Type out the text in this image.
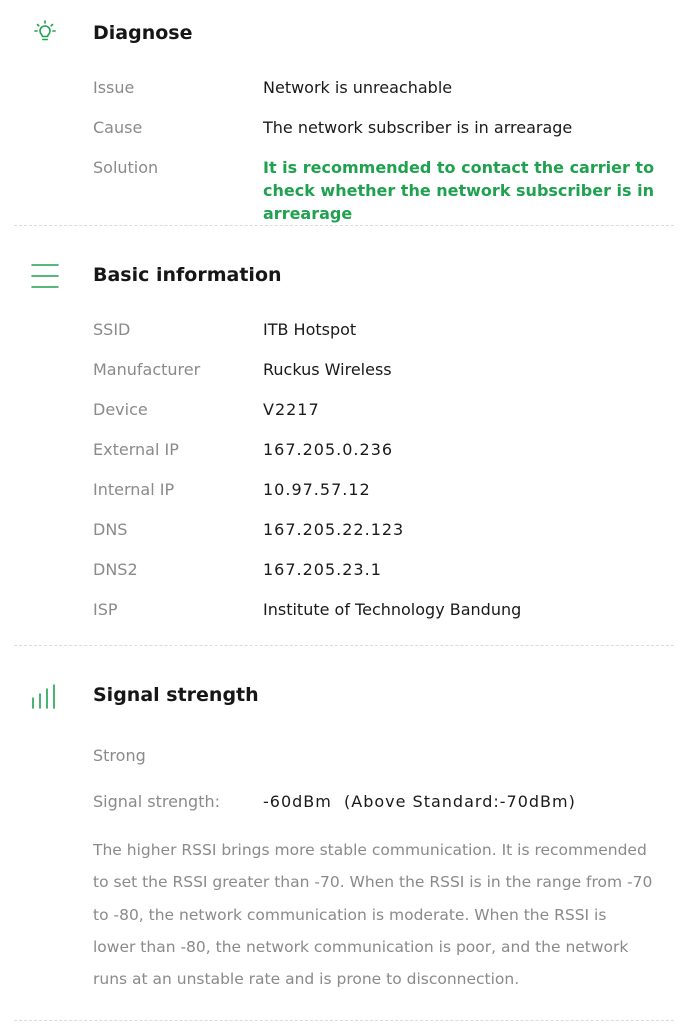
Diagnose
Issue	Network is unreachable
Cause	The network subscriber is in arrearage
Solution	It is recommended to contact the carrier to check whether the network subscriber is in arrearage
Basic information
SSID	ITB Hotspot
Manufacturer	Ruckus Wireless
Device	V2217
External IP	167.205.0.236
Internal IP	10.97.57.12
DNS	167.205.22.123
DNS2	167.205.23.1
ISP	Institute of Technology Bandung
Signal strength
Strong
Signal strength:	-60dBm  (Above Standard:-70dBm)
The higher RSSI brings more stable communication. It is recommended to set the RSSI greater than -70. When the RSSI is in the range from -70 to -80, the network communication is moderate. When the RSSI is lower than -80, the network communication is poor, and the network runs at an unstable rate and is prone to disconnection.
